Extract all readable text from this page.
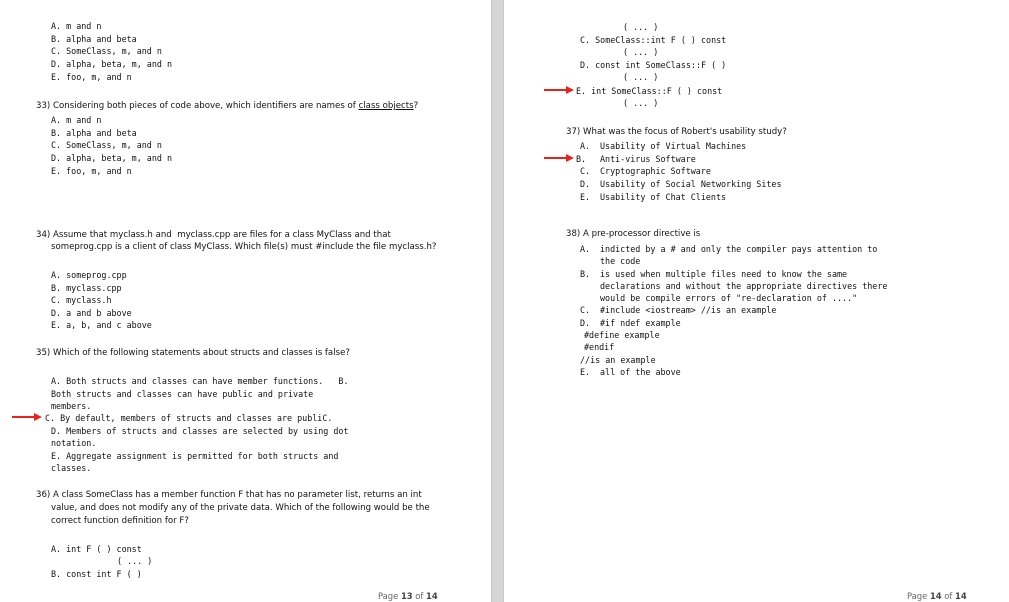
A. m and n
B. alpha and beta
C. SomeClass, m, and n
D. alpha, beta, m, and n
E. foo, m, and n
33) Considering both pieces of code above, which identifiers are names of class objects?
A. m and n
B. alpha and beta
C. SomeClass, m, and n
D. alpha, beta, m, and n
E. foo, m, and n
34) Assume that myclass.h and  myclass.cpp are files for a class MyClass and that
someprog.cpp is a client of class MyClass. Which file(s) must #include the file myclass.h?
A. someprog.cpp
B. myclass.cpp
C. myclass.h
D. a and b above
E. a, b, and c above
35) Which of the following statements about structs and classes is false?
A. Both structs and classes can have member functions.   B.
Both structs and classes can have public and private
members.
C. By default, members of structs and classes are publiC.
D. Members of structs and classes are selected by using dot
notation.
E. Aggregate assignment is permitted for both structs and
classes.
36) A class SomeClass has a member function F that has no parameter list, returns an int
value, and does not modify any of the private data. Which of the following would be the
correct function definition for F?
A. int F ( ) const
( ... )
B. const int F ( )
Page 13 of 14
( ... )
C. SomeClass::int F ( ) const
( ... )
D. const int SomeClass::F ( )
( ... )
E. int SomeClass::F ( ) const
( ... )
37) What was the focus of Robert's usability study?
A. Usability of Virtual Machines
B. Anti-virus Software
C. Cryptographic Software
D. Usability of Social Networking Sites
E. Usability of Chat Clients
38) A pre-processor directive is
A. indicted by a # and only the compiler pays attention to
the code
B. is used when multiple files need to know the same
declarations and without the appropriate directives there
would be compile errors of "re-declaration of ...."
C. #include <iostream> //is an example
D. #if ndef example
#define example
#endif
//is an example
E. all of the above
Page 14 of 14
